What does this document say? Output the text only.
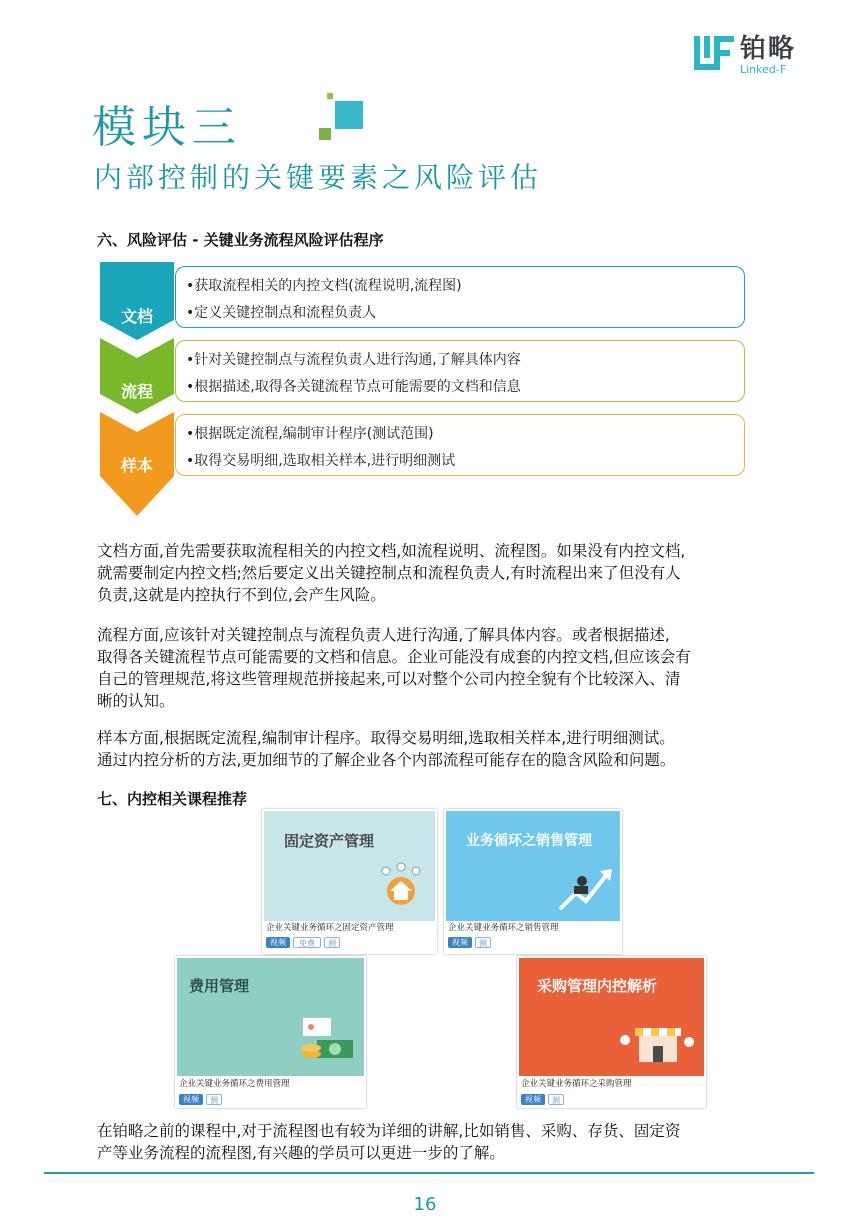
铂略
Linked-F
模块三
内部控制的关键要素之风险评估
六、风险评估 - 关键业务流程风险评估程序
文档
流程
样本
•获取流程相关的内控文档(流程说明,流程图)
•定义关键控制点和流程负责人
•针对关键控制点与流程负责人进行沟通,了解具体内容
•根据描述,取得各关键流程节点可能需要的文档和信息
•根据既定流程,编制审计程序(测试范围)
•取得交易明细,选取相关样本,进行明细测试
文档方面,首先需要获取流程相关的内控文档,如流程说明、流程图。如果没有内控文档,
就需要制定内控文档;然后要定义出关键控制点和流程负责人,有时流程出来了但没有人
负责,这就是内控执行不到位,会产生风险。
流程方面,应该针对关键控制点与流程负责人进行沟通,了解具体内容。或者根据描述,
取得各关键流程节点可能需要的文档和信息。企业可能没有成套的内控文档,但应该会有
自己的管理规范,将这些管理规范拼接起来,可以对整个公司内控全貌有个比较深入、清
晰的认知。
样本方面,根据既定流程,编制审计程序。取得交易明细,选取相关样本,进行明细测试。
通过内控分析的方法,更加细节的了解企业各个内部流程可能存在的隐含风险和问题。
七、内控相关课程推荐
固定资产管理
企业关键业务循环之固定资产管理
视频	免费	测
业务循环之销售管理
企业关键业务循环之销售管理
视频	测
费用管理
企业关键业务循环之费用管理
视频	测
采购管理内控解析
企业关键业务循环之采购管理
视频	测
在铂略之前的课程中,对于流程图也有较为详细的讲解,比如销售、采购、存货、固定资
产等业务流程的流程图,有兴趣的学员可以更进一步的了解。
16
